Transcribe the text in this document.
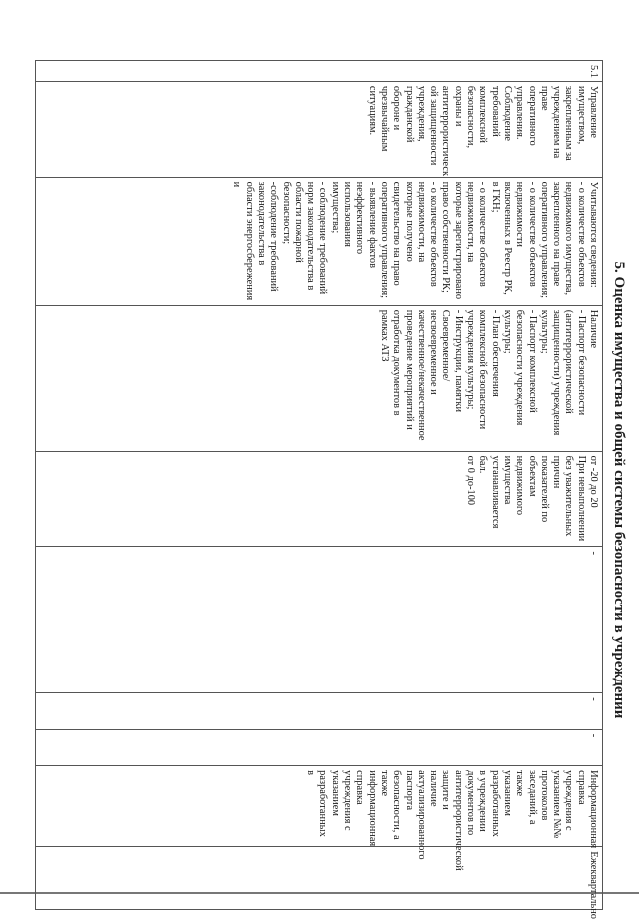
5. Оценка имущества и общей системы безопасности в учреждении
5.1	Управление имуществом, закрепленным за учреждением на праве оперативного управления. Соблюдение требований комплексной безопасности, охраны и антитеррористическ ой защищенности учреждения, гражданской обороне и чрезвычайным ситуациям.	Учитываются сведения:
- о количестве объектов недвижимого имущества, закрепленного на праве оперативного управления;
- о количестве объектов недвижимости включенных в Реестр РК, в ГКН;
- о количестве объектов недвижимости, на которые зарегистрировано право собственности РК;
- о количестве объектов недвижимости, на которые получено свидетельство на право оперативного управления;
- выявление фактов неэффективного использования имущества;
- соблюдение требований норм законодательства в области пожарной безопасности;
-соблюдение требований законодательства в области энергосбережения и	Наличие
- Паспорт безопасности (антитеррористической защищенности) учреждения культуры;
- Паспорт комплексной безопасности учреждения культуры;
- План обеспечения комплексной безопасности учреждения культуры;
- Инструкции, памятки
Своевременное/несвоевременное и качественное/некачественное проведение мероприятий и отработка документов в рамках АТЗ	от -20 до 20
При невыполнении без уважительных причин показателей по объектам недвижимого имущества устанавливается бал.
от 0 до-100	-	-	-	Информационная справка учреждения с указанием №№ протоколов заседаний, а также указанием разработанных в учреждении документов по антитеррористической защите и наличие актуализированного паспорта безопасности, а также информационная справка учреждения с указанием разработанных в	Ежеквартально
